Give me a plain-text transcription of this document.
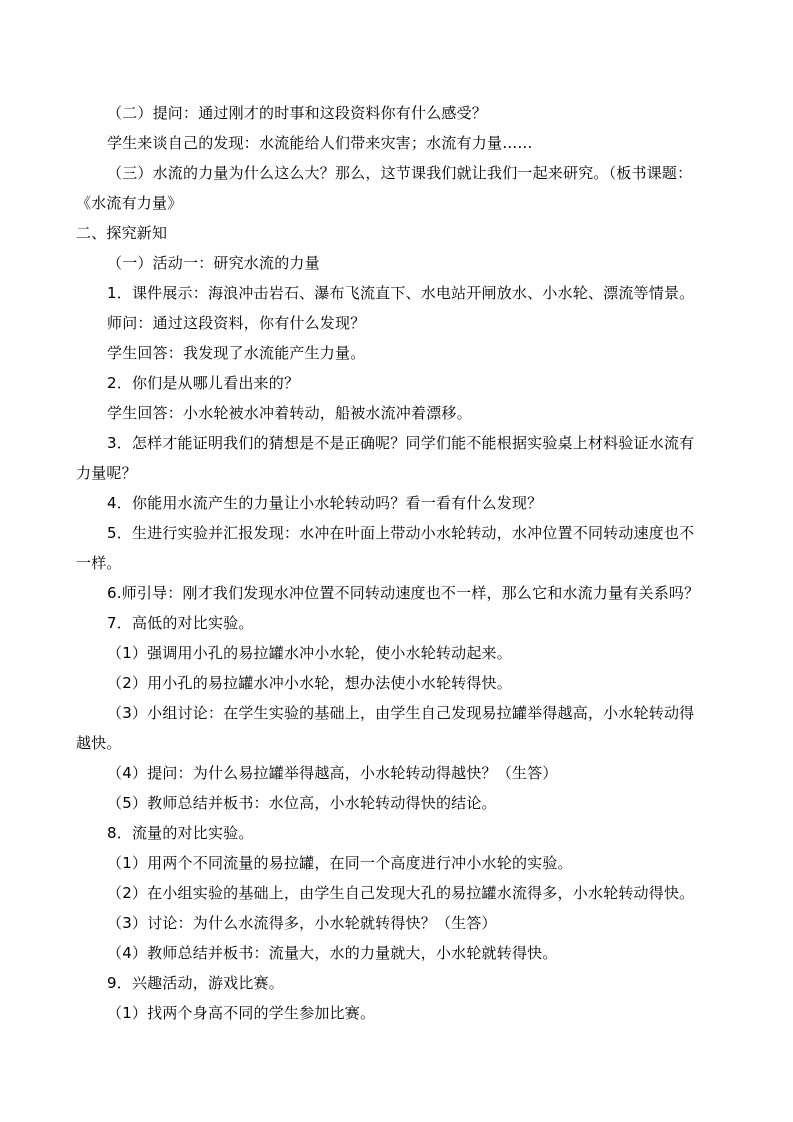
（二）提问：通过刚才的时事和这段资料你有什么感受？
学生来谈自己的发现：水流能给人们带来灾害；水流有力量……
（三）水流的力量为什么这么大？那么，这节课我们就让我们一起来研究。（板书课题：
《水流有力量》
二、探究新知
（一）活动一：研究水流的力量
1．课件展示：海浪冲击岩石、瀑布飞流直下、水电站开闸放水、小水轮、漂流等情景。
师问：通过这段资料，你有什么发现？
学生回答：我发现了水流能产生力量。
2．你们是从哪儿看出来的？
学生回答：小水轮被水冲着转动，船被水流冲着漂移。
3．怎样才能证明我们的猜想是不是正确呢？同学们能不能根据实验桌上材料验证水流有
力量呢？
4．你能用水流产生的力量让小水轮转动吗？看一看有什么发现？
5．生进行实验并汇报发现：水冲在叶面上带动小水轮转动，水冲位置不同转动速度也不
一样。
6.师引导：刚才我们发现水冲位置不同转动速度也不一样，那么它和水流力量有关系吗？
7．高低的对比实验。
（1）强调用小孔的易拉罐水冲小水轮，使小水轮转动起来。
（2）用小孔的易拉罐水冲小水轮，想办法使小水轮转得快。
（3）小组讨论：在学生实验的基础上，由学生自己发现易拉罐举得越高，小水轮转动得
越快。
（4）提问：为什么易拉罐举得越高，小水轮转动得越快？（生答）
（5）教师总结并板书：水位高，小水轮转动得快的结论。
8．流量的对比实验。
（1）用两个不同流量的易拉罐，在同一个高度进行冲小水轮的实验。
（2）在小组实验的基础上，由学生自己发现大孔的易拉罐水流得多，小水轮转动得快。
（3）讨论：为什么水流得多，小水轮就转得快？（生答）
（4）教师总结并板书：流量大，水的力量就大，小水轮就转得快。
9．兴趣活动，游戏比赛。
（1）找两个身高不同的学生参加比赛。
